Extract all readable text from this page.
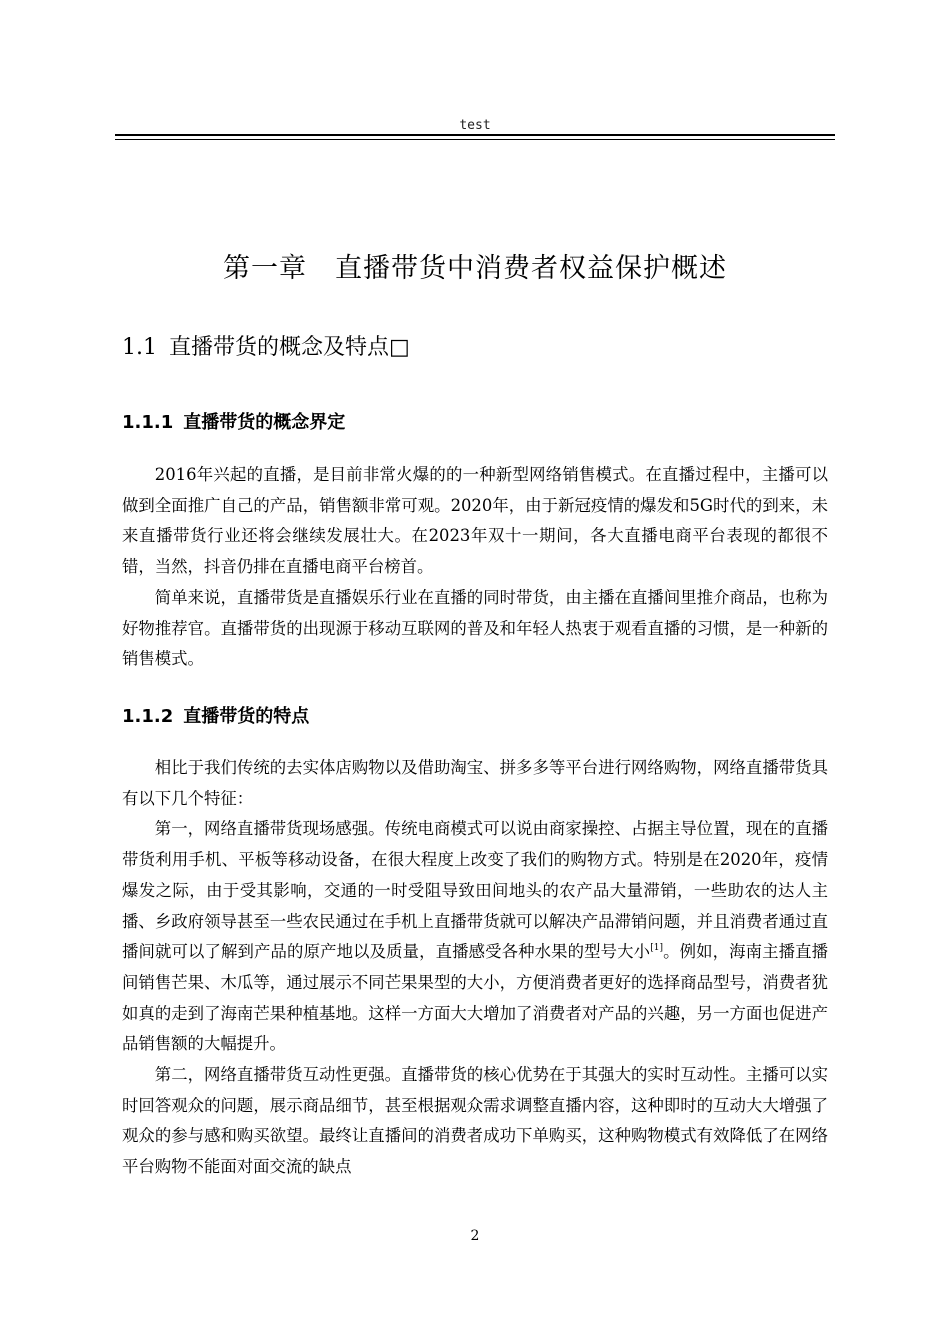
test
第一章　直播带货中消费者权益保护概述
1.1 直播带货的概念及特点□
1.1.1 直播带货的概念界定

2016年兴起的直播，是目前非常火爆的的一种新型网络销售模式。在直播过程中，主播可以做到全面推广自己的产品，销售额非常可观。2020年，由于新冠疫情的爆发和5G时代的到来，未来直播带货行业还将会继续发展壮大。在2023年双十一期间，各大直播电商平台表现的都很不错，当然，抖音仍排在直播电商平台榜首。

简单来说，直播带货是直播娱乐行业在直播的同时带货，由主播在直播间里推介商品，也称为好物推荐官。直播带货的出现源于移动互联网的普及和年轻人热衷于观看直播的习惯，是一种新的销售模式。

1.1.2 直播带货的特点

相比于我们传统的去实体店购物以及借助淘宝、拼多多等平台进行网络购物，网络直播带货具有以下几个特征：

第一，网络直播带货现场感强。传统电商模式可以说由商家操控、占据主导位置，现在的直播带货利用手机、平板等移动设备，在很大程度上改变了我们的购物方式。特别是在2020年，疫情爆发之际，由于受其影响，交通的一时受阻导致田间地头的农产品大量滞销，一些助农的达人主播、乡政府领导甚至一些农民通过在手机上直播带货就可以解决产品滞销问题，并且消费者通过直播间就可以了解到产品的原产地以及质量，直播感受各种水果的型号大小[1]。例如，海南主播直播间销售芒果、木瓜等，通过展示不同芒果果型的大小，方便消费者更好的选择商品型号，消费者犹如真的走到了海南芒果种植基地。这样一方面大大增加了消费者对产品的兴趣，另一方面也促进产品销售额的大幅提升。

第二，网络直播带货互动性更强。直播带货的核心优势在于其强大的实时互动性。主播可以实时回答观众的问题，展示商品细节，甚至根据观众需求调整直播内容，这种即时的互动大大增强了观众的参与感和购买欲望。最终让直播间的消费者成功下单购买，这种购物模式有效降低了在网络平台购物不能面对面交流的缺点

2
